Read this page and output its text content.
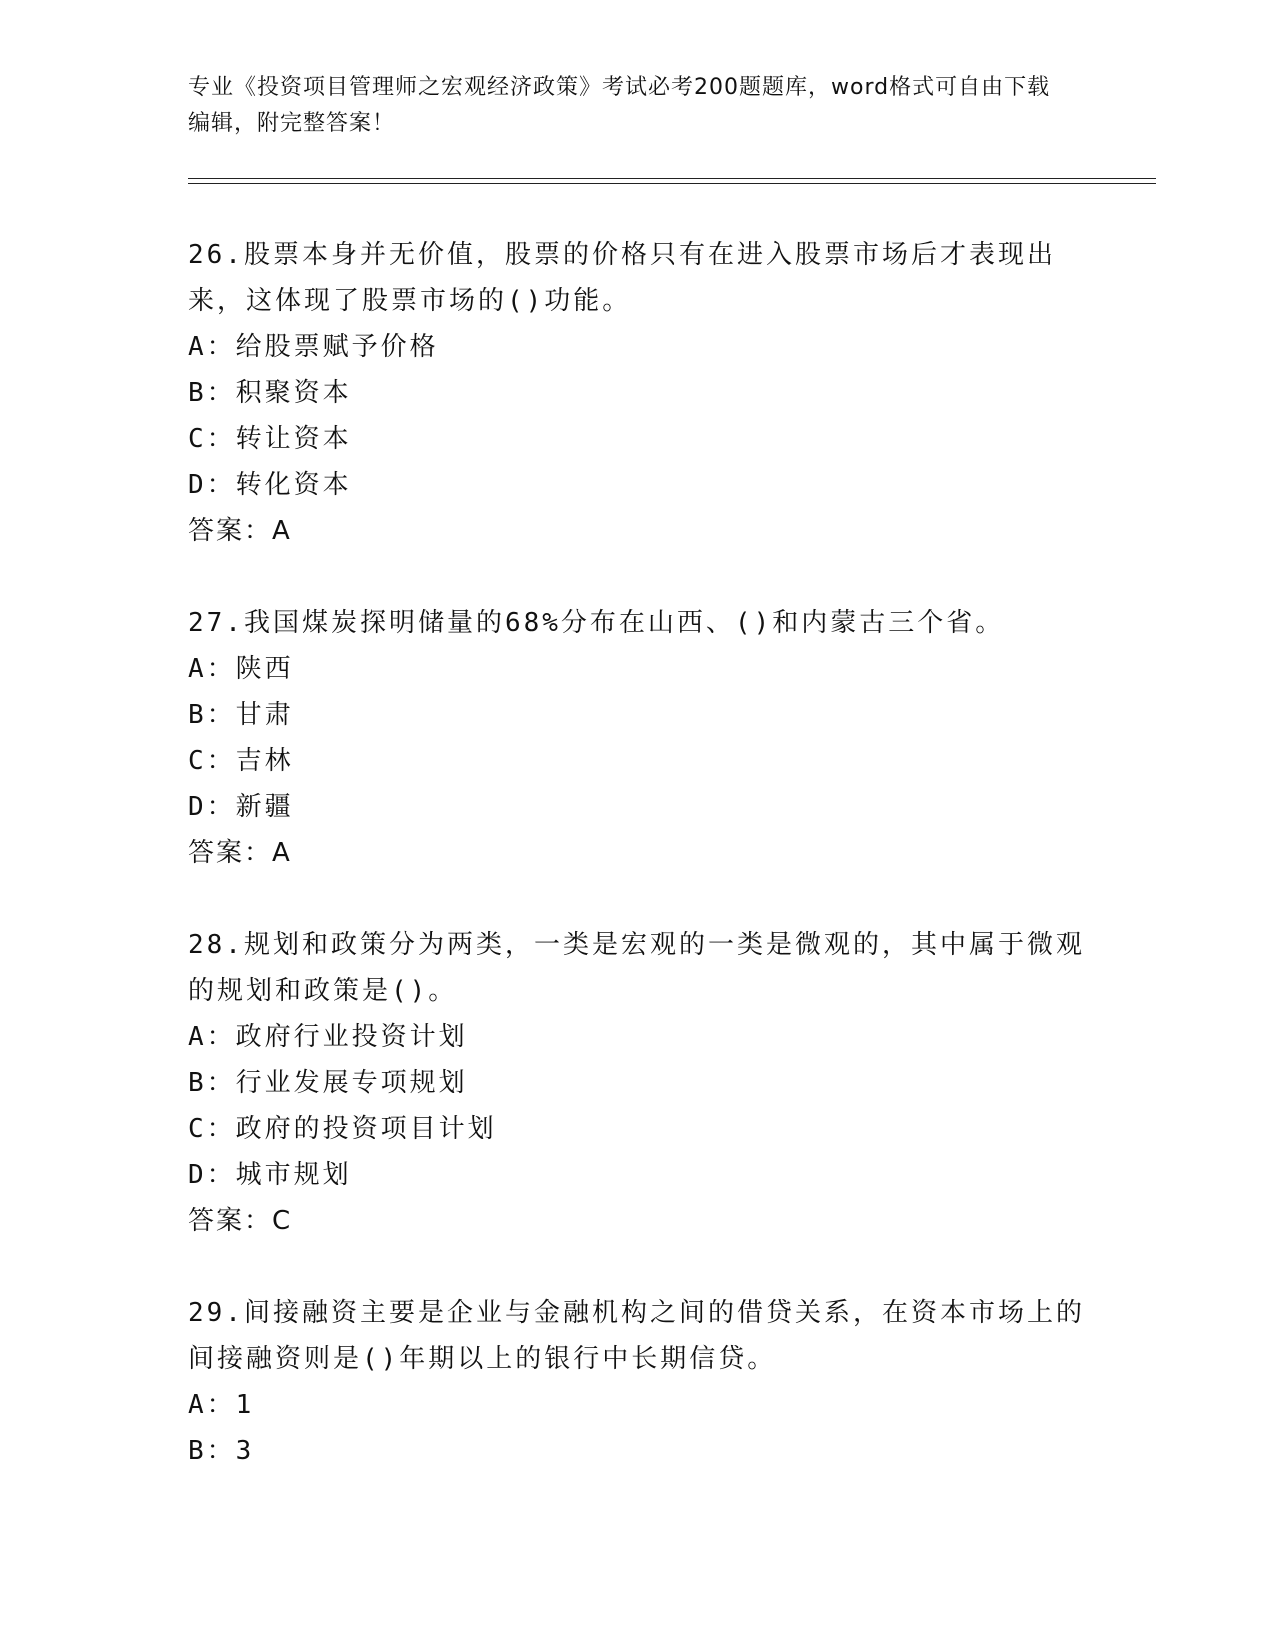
专业《投资项目管理师之宏观经济政策》考试必考200题题库，word格式可自由下载编辑，附完整答案！

26.股票本身并无价值，股票的价格只有在进入股票市场后才表现出来，这体现了股票市场的()功能。

A：给股票赋予价格

B：积聚资本

C：转让资本

D：转化资本

答案：A

27.我国煤炭探明储量的68%分布在山西、()和内蒙古三个省。

A：陕西

B：甘肃

C：吉林

D：新疆

答案：A

28.规划和政策分为两类，一类是宏观的一类是微观的，其中属于微观的规划和政策是()。

A：政府行业投资计划

B：行业发展专项规划

C：政府的投资项目计划

D：城市规划

答案：C

29.间接融资主要是企业与金融机构之间的借贷关系，在资本市场上的间接融资则是()年期以上的银行中长期信贷。

A：1

B：3
